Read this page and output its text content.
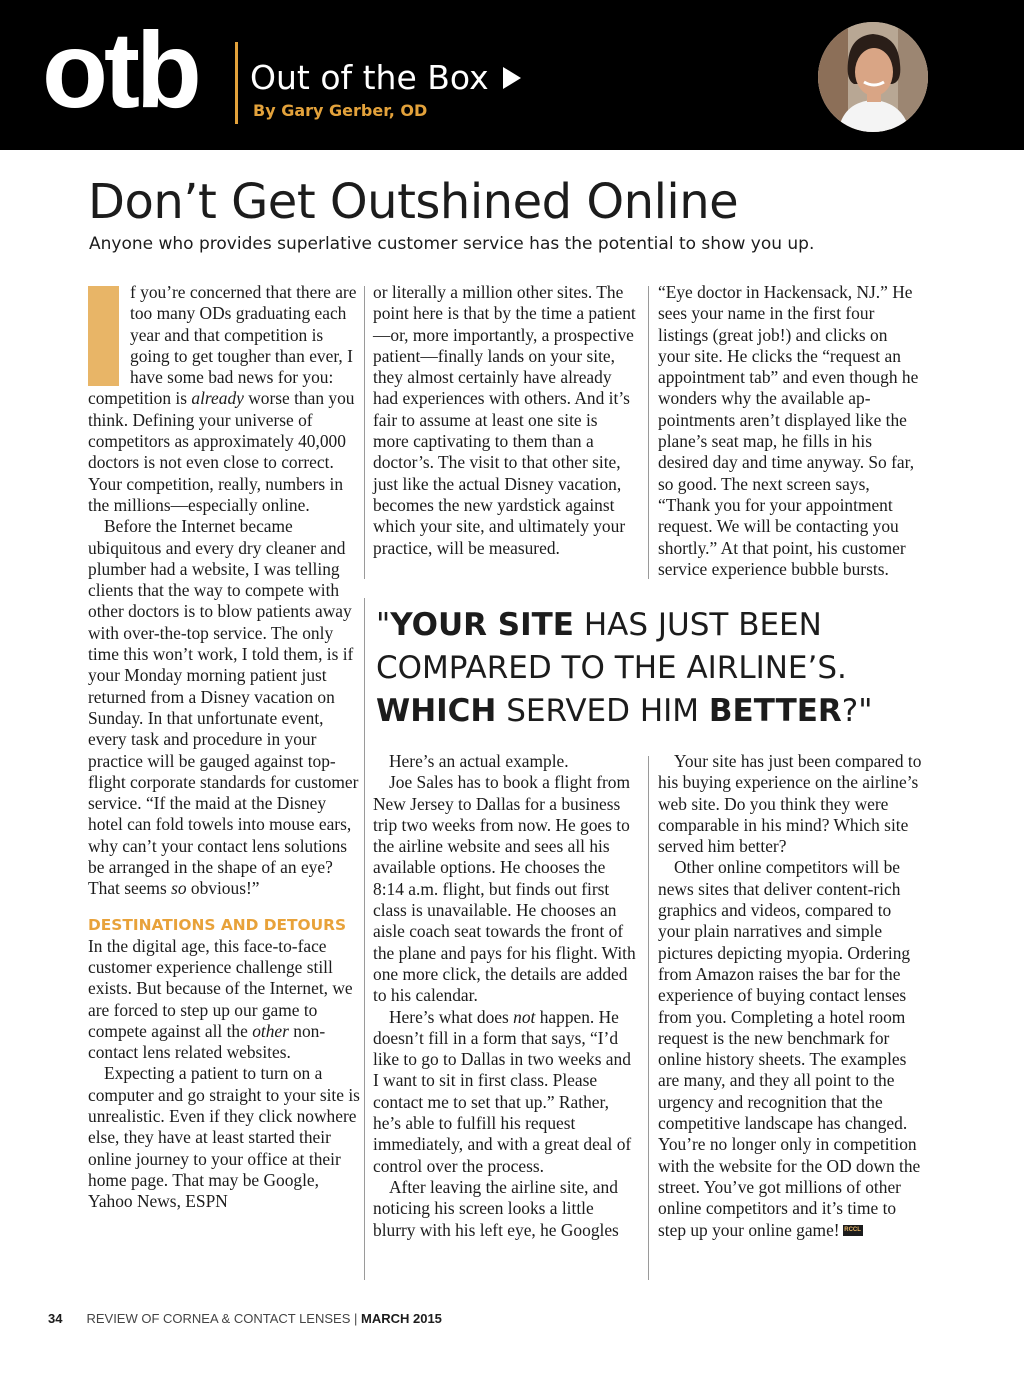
otb Out of the Box
By Gary Gerber, OD
Don’t Get Outshined Online

Anyone who provides superlative customer service has the potential to show you up.

f you’re concerned that there are too many ODs graduating each year and that competition is going to get tougher than ever, I have some bad news for you: competition is already worse than you think. Defining your universe of competitors as approximately 40,000 doctors is not even close to correct. Your competition, really, numbers in the millions—especially online.

Before the Internet became ubiquitous and every dry cleaner and plumber had a website, I was telling clients that the way to compete with other doctors is to blow patients away with over-the-top service. The only time this won’t work, I told them, is if your Monday morning patient just returned from a Disney vacation on Sunday. In that unfortunate event, every task and procedure in your practice will be gauged against top-flight corporate standards for customer service. “If the maid at the Disney hotel can fold towels into mouse ears, why can’t your contact lens solutions be arranged in the shape of an eye? That seems so obvious!”

DESTINATIONS AND DETOURS

In the digital age, this face-to-face customer experience challenge still exists. But because of the Internet, we are forced to step up our game to compete against all the other non-contact lens related websites.

Expecting a patient to turn on a computer and go straight to your site is unrealistic. Even if they click nowhere else, they have at least started their online journey to your office at their home page. That may be Google, Yahoo News, ESPN

or literally a million other sites. The point here is that by the time a patient—or, more importantly, a prospective patient—finally lands on your site, they almost certainly have already had experiences with others. And it’s fair to assume at least one site is more captivating to them than a doctor’s. The visit to that other site, just like the actual Disney vacation, becomes the new yardstick against which your site, and ultimately your practice, will be measured.

“Eye doctor in Hackensack, NJ.” He sees your name in the first four listings (great job!) and clicks on your site. He clicks the “request an appointment tab” and even though he wonders why the available appointments aren’t displayed like the plane’s seat map, he fills in his desired day and time anyway. So far, so good. The next screen says, “Thank you for your appointment request. We will be contacting you shortly.” At that point, his customer service experience bubble bursts.

"YOUR SITE HAS JUST BEEN COMPARED TO THE AIRLINE’S. WHICH SERVED HIM BETTER?"

Here’s an actual example.

Joe Sales has to book a flight from New Jersey to Dallas for a business trip two weeks from now. He goes to the airline website and sees all his available options. He chooses the 8:14 a.m. flight, but finds out first class is unavailable. He chooses an aisle coach seat towards the front of the plane and pays for his flight. With one more click, the details are added to his calendar.

Here’s what does not happen. He doesn’t fill in a form that says, “I’d like to go to Dallas in two weeks and I want to sit in first class. Please contact me to set that up.” Rather, he’s able to fulfill his request immediately, and with a great deal of control over the process.

After leaving the airline site, and noticing his screen looks a little blurry with his left eye, he Googles

Your site has just been compared to his buying experience on the airline’s web site. Do you think they were comparable in his mind? Which site served him better?

Other online competitors will be news sites that deliver content-rich graphics and videos, compared to your plain narratives and simple pictures depicting myopia. Ordering from Amazon raises the bar for the experience of buying contact lenses from you. Completing a hotel room request is the new benchmark for online history sheets. The examples are many, and they all point to the urgency and recognition that the competitive landscape has changed. You’re no longer only in competition with the website for the OD down the street. You’ve got millions of other online competitors and it’s time to step up your online game! RCCL

34 REVIEW OF CORNEA & CONTACT LENSES | MARCH 2015
